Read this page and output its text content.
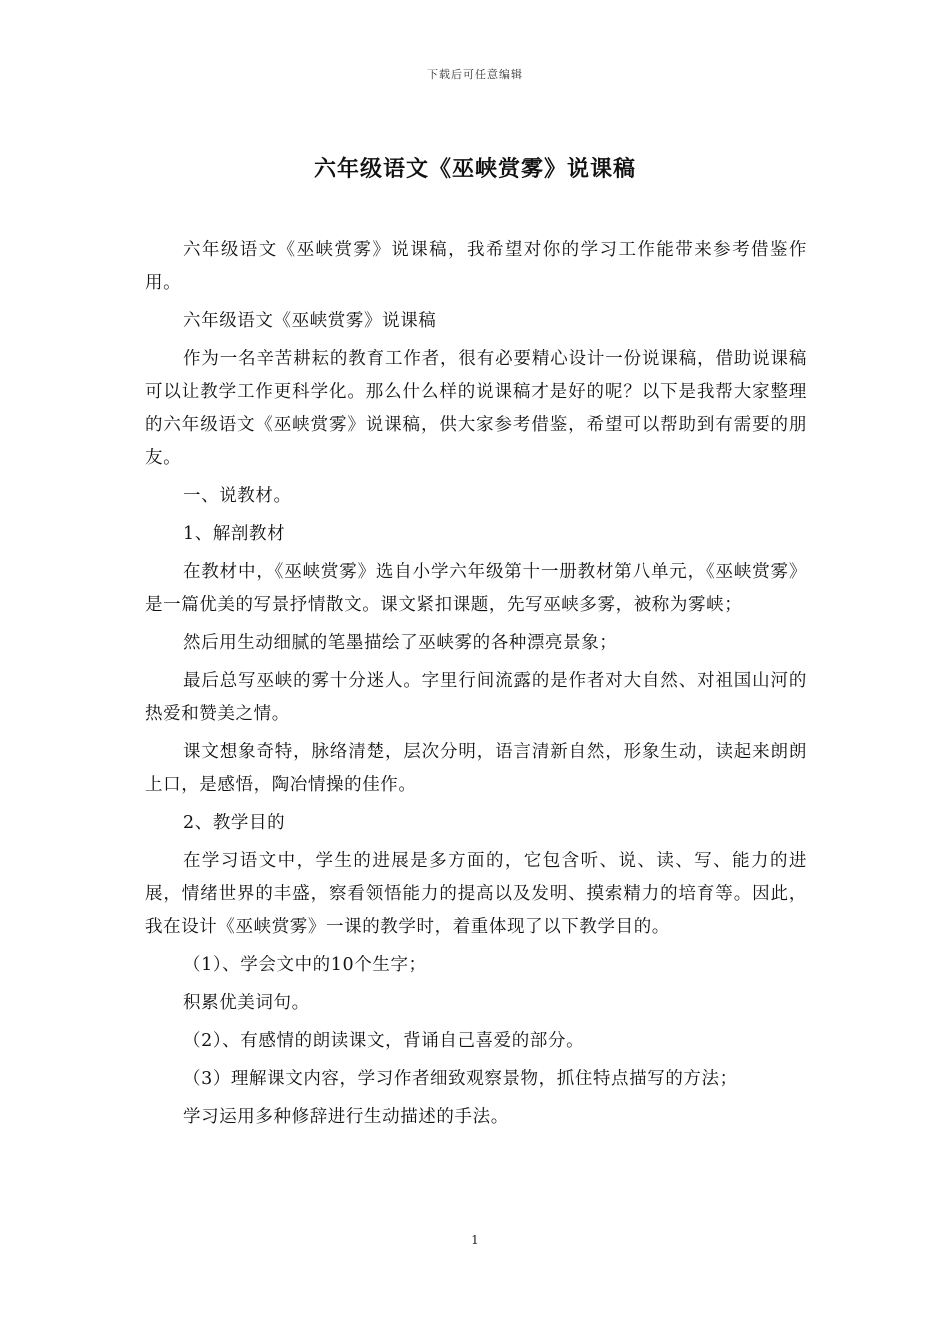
下载后可任意编辑
六年级语文《巫峡赏雾》说课稿

六年级语文《巫峡赏雾》说课稿，我希望对你的学习工作能带来参考借鉴作用。

六年级语文《巫峡赏雾》说课稿

作为一名辛苦耕耘的教育工作者，很有必要精心设计一份说课稿，借助说课稿可以让教学工作更科学化。那么什么样的说课稿才是好的呢？以下是我帮大家整理的六年级语文《巫峡赏雾》说课稿，供大家参考借鉴，希望可以帮助到有需要的朋友。

一、说教材。

1、解剖教材

在教材中，《巫峡赏雾》选自小学六年级第十一册教材第八单元，《巫峡赏雾》是一篇优美的写景抒情散文。课文紧扣课题，先写巫峡多雾，被称为雾峡；

然后用生动细腻的笔墨描绘了巫峡雾的各种漂亮景象；

最后总写巫峡的雾十分迷人。字里行间流露的是作者对大自然、对祖国山河的热爱和赞美之情。

课文想象奇特，脉络清楚，层次分明，语言清新自然，形象生动，读起来朗朗上口，是感悟，陶冶情操的佳作。

2、教学目的

在学习语文中，学生的进展是多方面的，它包含听、说、读、写、能力的进展，情绪世界的丰盛，察看领悟能力的提高以及发明、摸索精力的培育等。因此，我在设计《巫峡赏雾》一课的教学时，着重体现了以下教学目的。

（1）、学会文中的10个生字；

积累优美词句。

（2）、有感情的朗读课文，背诵自己喜爱的部分。

（3）理解课文内容，学习作者细致观察景物，抓住特点描写的方法；

学习运用多种修辞进行生动描述的手法。

1
